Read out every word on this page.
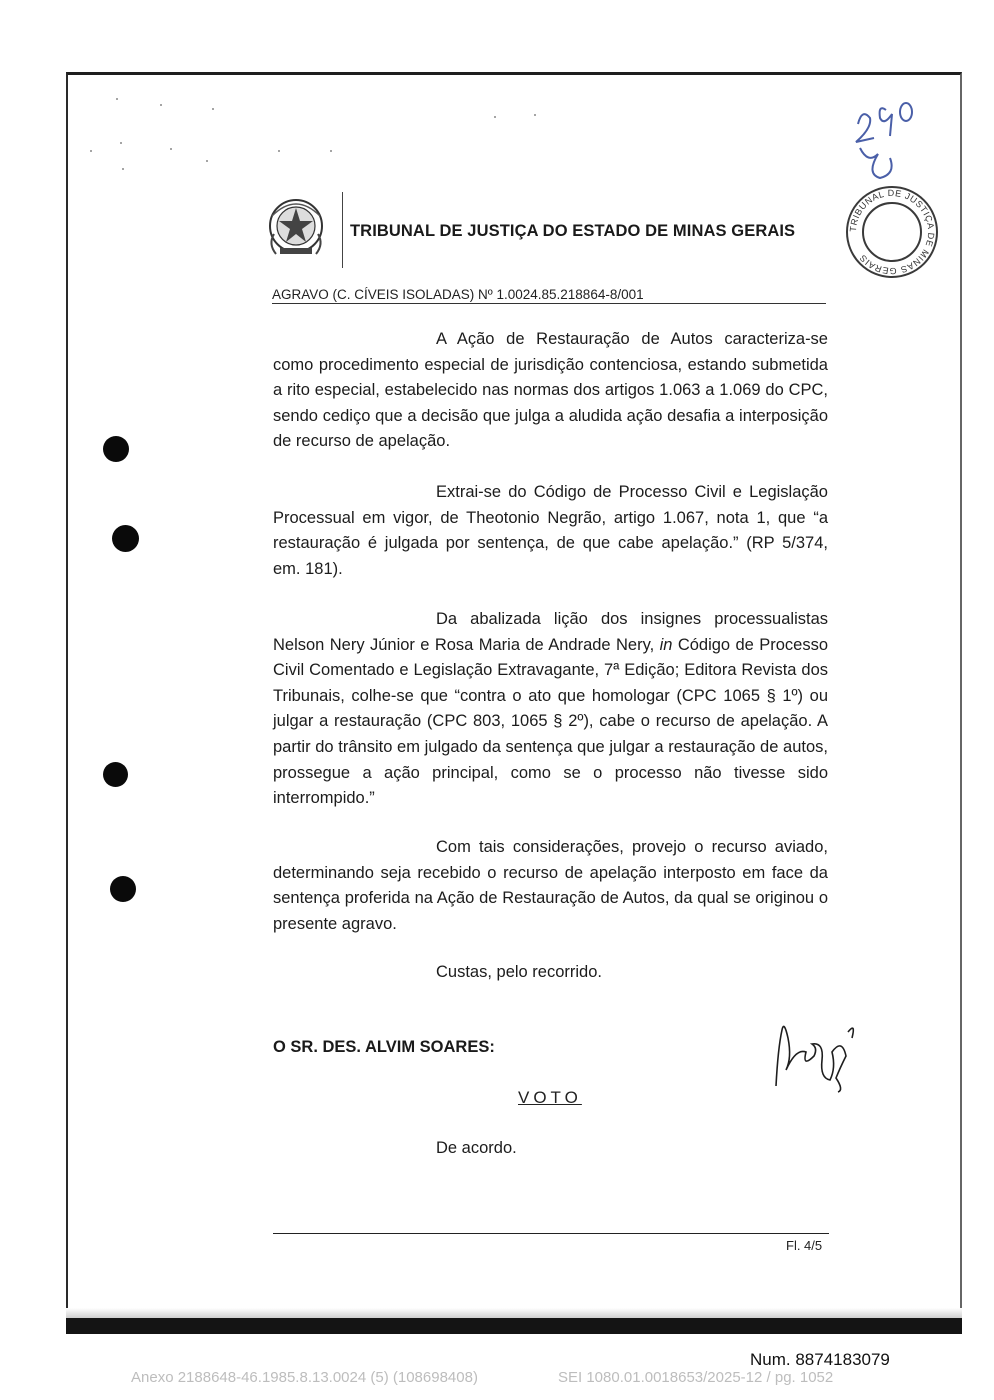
TRIBUNAL DE JUSTIÇA DO ESTADO DE MINAS GERAIS	TRIBUNAL DE JUSTIÇA DE MINAS GERAIS
AGRAVO (C. CÍVEIS ISOLADAS) Nº 1.0024.85.218864-8/001

A Ação de Restauração de Autos caracteriza-se como procedimento especial de jurisdição contenciosa, estando submetida a rito especial, estabelecido nas normas dos artigos 1.063 a 1.069 do CPC, sendo cediço que a decisão que julga a aludida ação desafia a interposição de recurso de apelação.

Extrai-se do Código de Processo Civil e Legislação Processual em vigor, de Theotonio Negrão, artigo 1.067, nota 1, que “a restauração é julgada por sentença, de que cabe apelação.” (RP 5/374, em. 181).

Da abalizada lição dos insignes processualistas Nelson Nery Júnior e Rosa Maria de Andrade Nery, in Código de Processo Civil Comentado e Legislação Extravagante, 7ª Edição; Editora Revista dos Tribunais, colhe-se que “contra o ato que homologar (CPC 1065 § 1º) ou julgar a restauração (CPC 803, 1065 § 2º), cabe o recurso de apelação. A partir do trânsito em julgado da sentença que julgar a restauração de autos, prossegue a ação principal, como se o processo não tivesse sido interrompido.”

Com tais considerações, provejo o recurso aviado, determinando seja recebido o recurso de apelação interposto em face da sentença proferida na Ação de Restauração de Autos, da qual se originou o presente agravo.

Custas, pelo recorrido.

O SR. DES. ALVIM SOARES:
VOTO
De acordo.
Fl. 4/5
Num. 8874183079
Anexo 2188648-46.1985.8.13.0024 (5) (108698408)	SEI 1080.01.0018653/2025-12 / pg. 1052
